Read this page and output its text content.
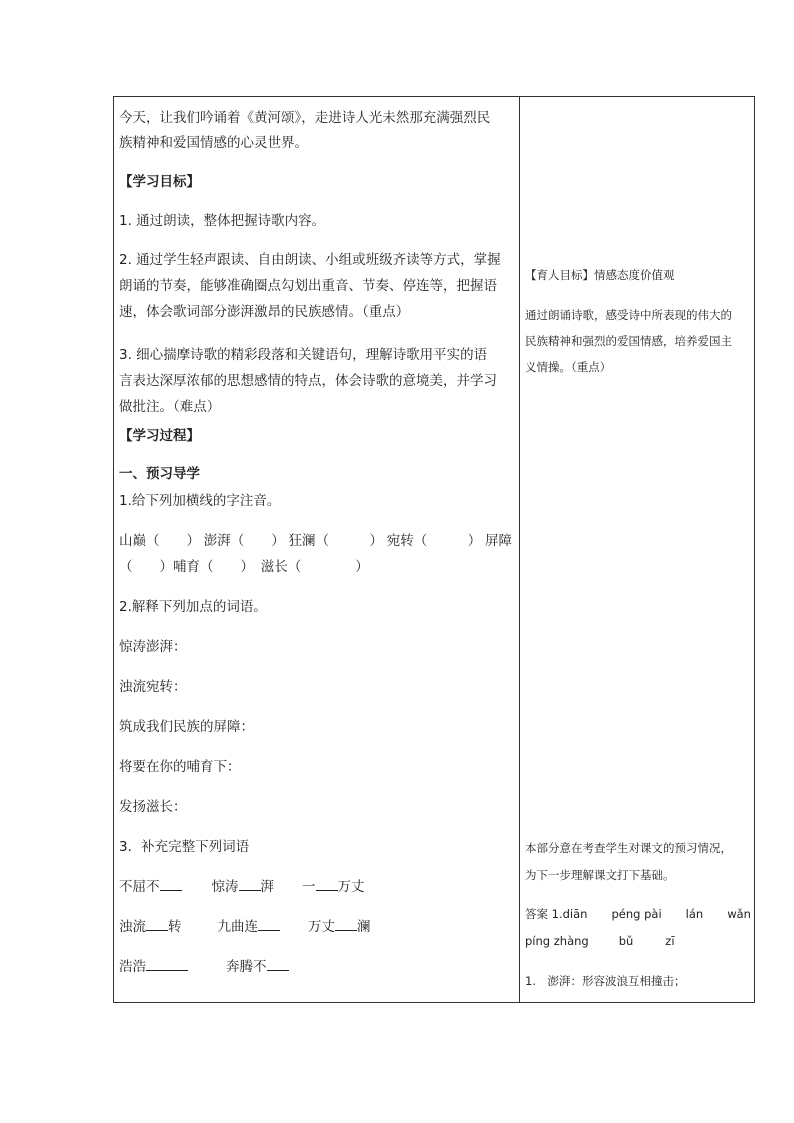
今天，让我们吟诵着《黄河颂》，走进诗人光未然那充满强烈民
族精神和爱国情感的心灵世界。
【学习目标】
1. 通过朗读，整体把握诗歌内容。
2. 通过学生轻声跟读、自由朗读、小组或班级齐读等方式，掌握
朗诵的节奏，能够准确圈点勾划出重音、节奏、停连等，把握语
速，体会歌词部分澎湃激昂的民族感情。（重点）
3. 细心揣摩诗歌的精彩段落和关键语句，理解诗歌用平实的语
言表达深厚浓郁的思想感情的特点，体会诗歌的意境美，并学习
做批注。（难点）
【学习过程】
一、预习导学
1.给下列加横线的字注音。
山巅（　　） 澎湃（　　） 狂澜（　　　） 宛转（　　　） 屏障
（　　）哺育（　　）　滋长（　　　　）
2.解释下列加点的词语。
惊涛澎湃：
浊流宛转：
筑成我们民族的屏障：
将要在你的哺育下：
发扬滋长：
3．补充完整下列词语
不屈不	惊涛 湃 一 万丈
浊流 转	九曲连	万丈 澜
浩浩	奔腾不
【育人目标】情感态度价值观
通过朗诵诗歌，感受诗中所表现的伟大的
民族精神和强烈的爱国情感，培养爱国主
义情操。（重点）
本部分意在考查学生对课文的预习情况，
为下一步理解课文打下基础。
答案 1.diān péng pài lán wǎn
píng zhàng	bǔ	zī
1.　澎湃：形容波浪互相撞击；
